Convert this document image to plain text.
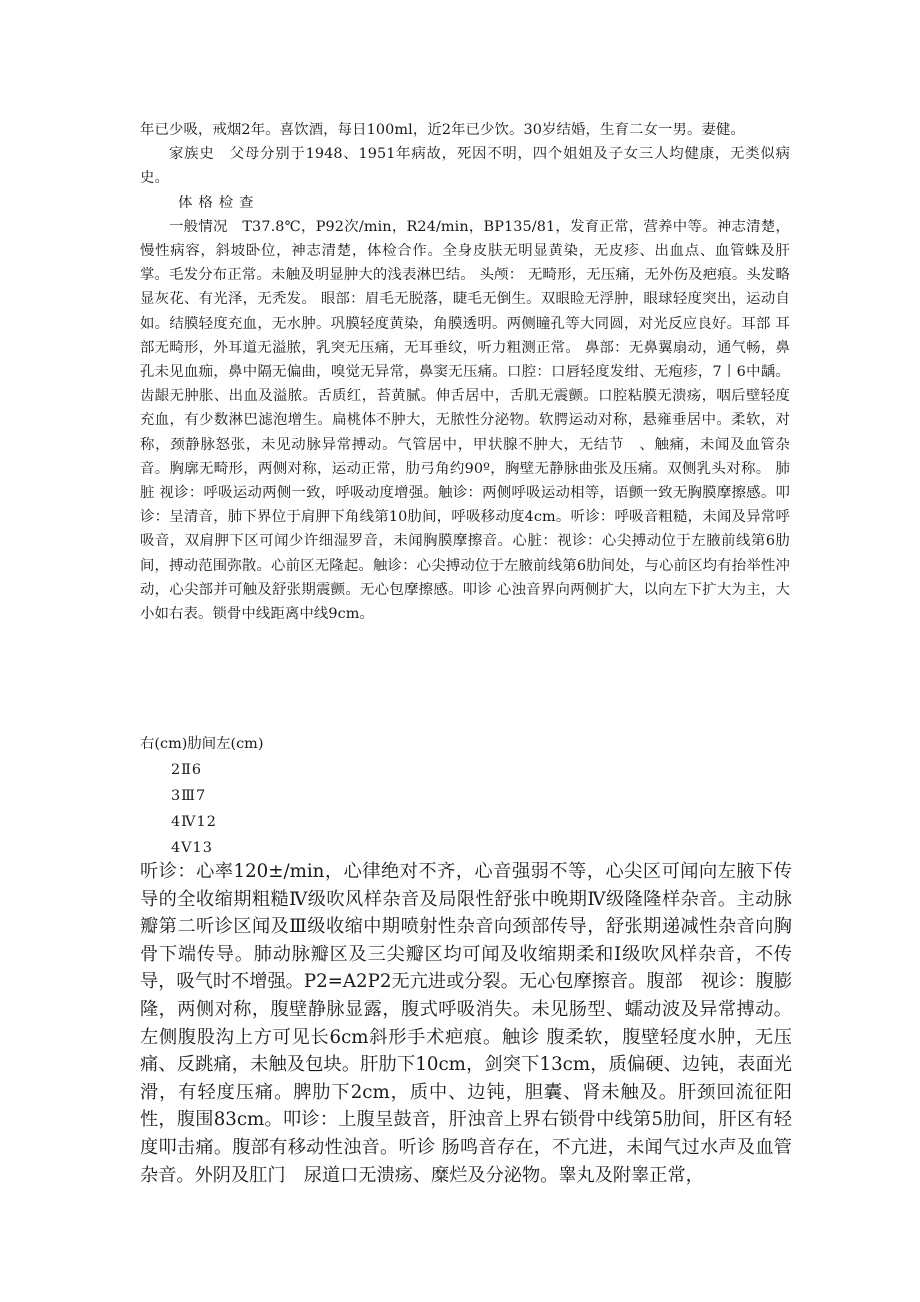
年已少吸，戒烟2年。喜饮酒，每日100ml，近2年已少饮。30岁结婚，生育二女一男。妻健。

家族史　父母分别于1948、1951年病故，死因不明，四个姐姐及子女三人均健康，无类似病史。

体格检查

一般情况　T37.8℃，P92次/min，R24/min，BP135/81，发育正常，营养中等。神志清楚，慢性病容，斜坡卧位，神志清楚，体检合作。全身皮肤无明显黄染，无皮疹、出血点、血管蛛及肝掌。毛发分布正常。未触及明显肿大的浅表淋巴结。 头颅： 无畸形，无压痛，无外伤及疤痕。头发略显灰花、有光泽，无秃发。 眼部：眉毛无脱落，睫毛无倒生。双眼睑无浮肿，眼球轻度突出，运动自如。结膜轻度充血，无水肿。巩膜轻度黄染，角膜透明。两侧瞳孔等大同圆，对光反应良好。耳部 耳部无畸形，外耳道无溢脓，乳突无压痛，无耳垂纹，听力粗测正常。 鼻部：无鼻翼扇动，通气畅，鼻孔未见血痂，鼻中隔无偏曲，嗅觉无异常，鼻窦无压痛。口腔：口唇轻度发绀、无疱疹，7丨6中龋。齿龈无肿胀、出血及溢脓。舌质红，苔黄腻。伸舌居中，舌肌无震颤。口腔粘膜无溃疡，咽后壁轻度充血，有少数淋巴滤泡增生。扁桃体不肿大，无脓性分泌物。软腭运动对称，悬雍垂居中。柔软，对称，颈静脉怒张，未见动脉异常搏动。气管居中，甲状腺不肿大，无结节　、触痛，未闻及血管杂音。胸廓无畸形，两侧对称，运动正常，肋弓角约90º，胸壁无静脉曲张及压痛。双侧乳头对称。 肺脏 视诊：呼吸运动两侧一致，呼吸动度增强。触诊：两侧呼吸运动相等，语颤一致无胸膜摩擦感。叩诊：呈清音，肺下界位于肩胛下角线第10肋间，呼吸移动度4cm。听诊：呼吸音粗糙，未闻及异常呼吸音，双肩胛下区可闻少许细湿罗音，未闻胸膜摩擦音。心脏：视诊：心尖搏动位于左腋前线第6肋间，搏动范围弥散。心前区无隆起。触诊：心尖搏动位于左腋前线第6肋间处，与心前区均有抬举性冲动，心尖部并可触及舒张期震颤。无心包摩擦感。叩诊 心浊音界向两侧扩大，以向左下扩大为主，大小如右表。锁骨中线距离中线9cm。

右(cm)肋间左(cm)
2Ⅱ6
3Ⅲ7
4Ⅳ12
4Ⅴ13

听诊：心率120±/min，心律绝对不齐，心音强弱不等，心尖区可闻向左腋下传导的全收缩期粗糙Ⅳ级吹风样杂音及局限性舒张中晚期Ⅳ级隆隆样杂音。主动脉瓣第二听诊区闻及Ⅲ级收缩中期喷射性杂音向颈部传导，舒张期递减性杂音向胸骨下端传导。肺动脉瓣区及三尖瓣区均可闻及收缩期柔和Ⅰ级吹风样杂音，不传导，吸气时不增强。P2=A2P2无亢进或分裂。无心包摩擦音。腹部　视诊：腹膨隆，两侧对称，腹壁静脉显露，腹式呼吸消失。未见肠型、蠕动波及异常搏动。左侧腹股沟上方可见长6cm斜形手术疤痕。触诊 腹柔软，腹壁轻度水肿，无压痛、反跳痛，未触及包块。肝肋下10cm，剑突下13cm，质偏硬、边钝，表面光滑，有轻度压痛。脾肋下2cm，质中、边钝，胆囊、肾未触及。肝颈回流征阳性，腹围83cm。叩诊：上腹呈鼓音，肝浊音上界右锁骨中线第5肋间，肝区有轻度叩击痛。腹部有移动性浊音。听诊 肠鸣音存在，不亢进，未闻气过水声及血管杂音。外阴及肛门　尿道口无溃疡、糜烂及分泌物。睾丸及附睾正常，
